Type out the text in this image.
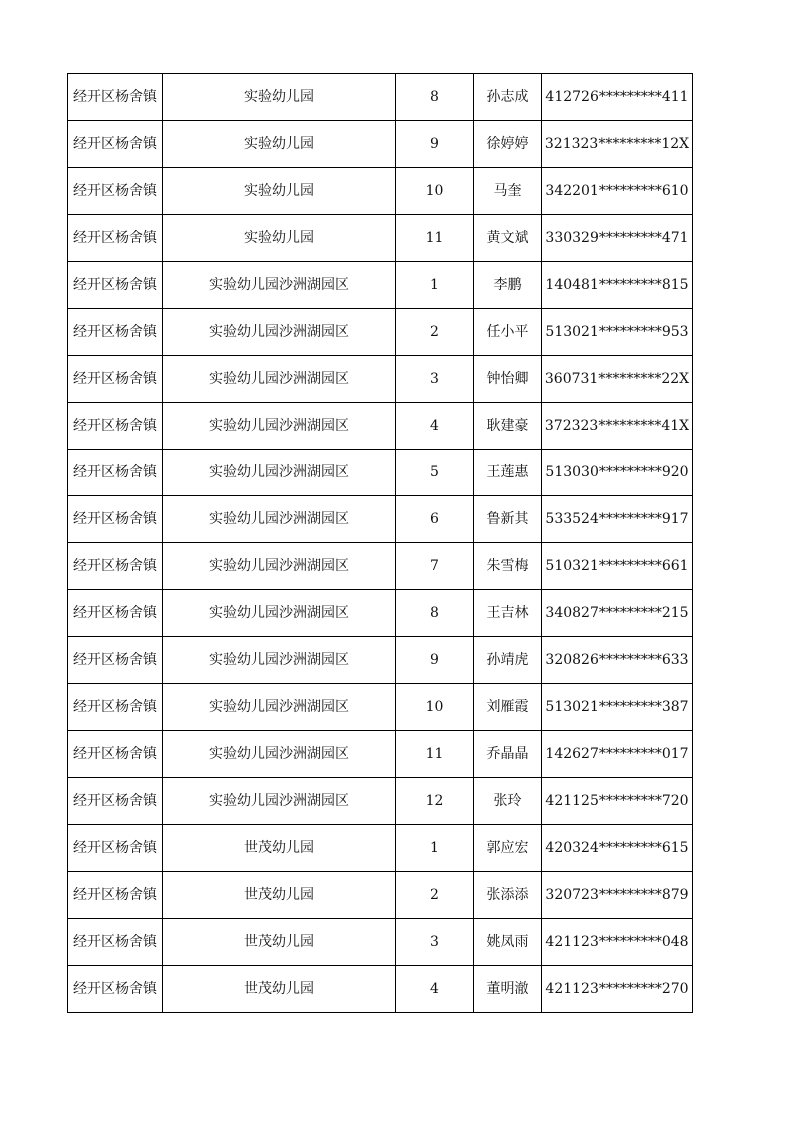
经开区杨舍镇	实验幼儿园	8	孙志成	412726*********411
经开区杨舍镇	实验幼儿园	9	徐婷婷	321323*********12X
经开区杨舍镇	实验幼儿园	10	马奎	342201*********610
经开区杨舍镇	实验幼儿园	11	黄文斌	330329*********471
经开区杨舍镇	实验幼儿园沙洲湖园区	1	李鹏	140481*********815
经开区杨舍镇	实验幼儿园沙洲湖园区	2	任小平	513021*********953
经开区杨舍镇	实验幼儿园沙洲湖园区	3	钟怡卿	360731*********22X
经开区杨舍镇	实验幼儿园沙洲湖园区	4	耿建豪	372323*********41X
经开区杨舍镇	实验幼儿园沙洲湖园区	5	王莲惠	513030*********920
经开区杨舍镇	实验幼儿园沙洲湖园区	6	鲁新其	533524*********917
经开区杨舍镇	实验幼儿园沙洲湖园区	7	朱雪梅	510321*********661
经开区杨舍镇	实验幼儿园沙洲湖园区	8	王吉林	340827*********215
经开区杨舍镇	实验幼儿园沙洲湖园区	9	孙靖虎	320826*********633
经开区杨舍镇	实验幼儿园沙洲湖园区	10	刘雁霞	513021*********387
经开区杨舍镇	实验幼儿园沙洲湖园区	11	乔晶晶	142627*********017
经开区杨舍镇	实验幼儿园沙洲湖园区	12	张玲	421125*********720
经开区杨舍镇	世茂幼儿园	1	郭应宏	420324*********615
经开区杨舍镇	世茂幼儿园	2	张添添	320723*********879
经开区杨舍镇	世茂幼儿园	3	姚凤雨	421123*********048
经开区杨舍镇	世茂幼儿园	4	董明澈	421123*********270
